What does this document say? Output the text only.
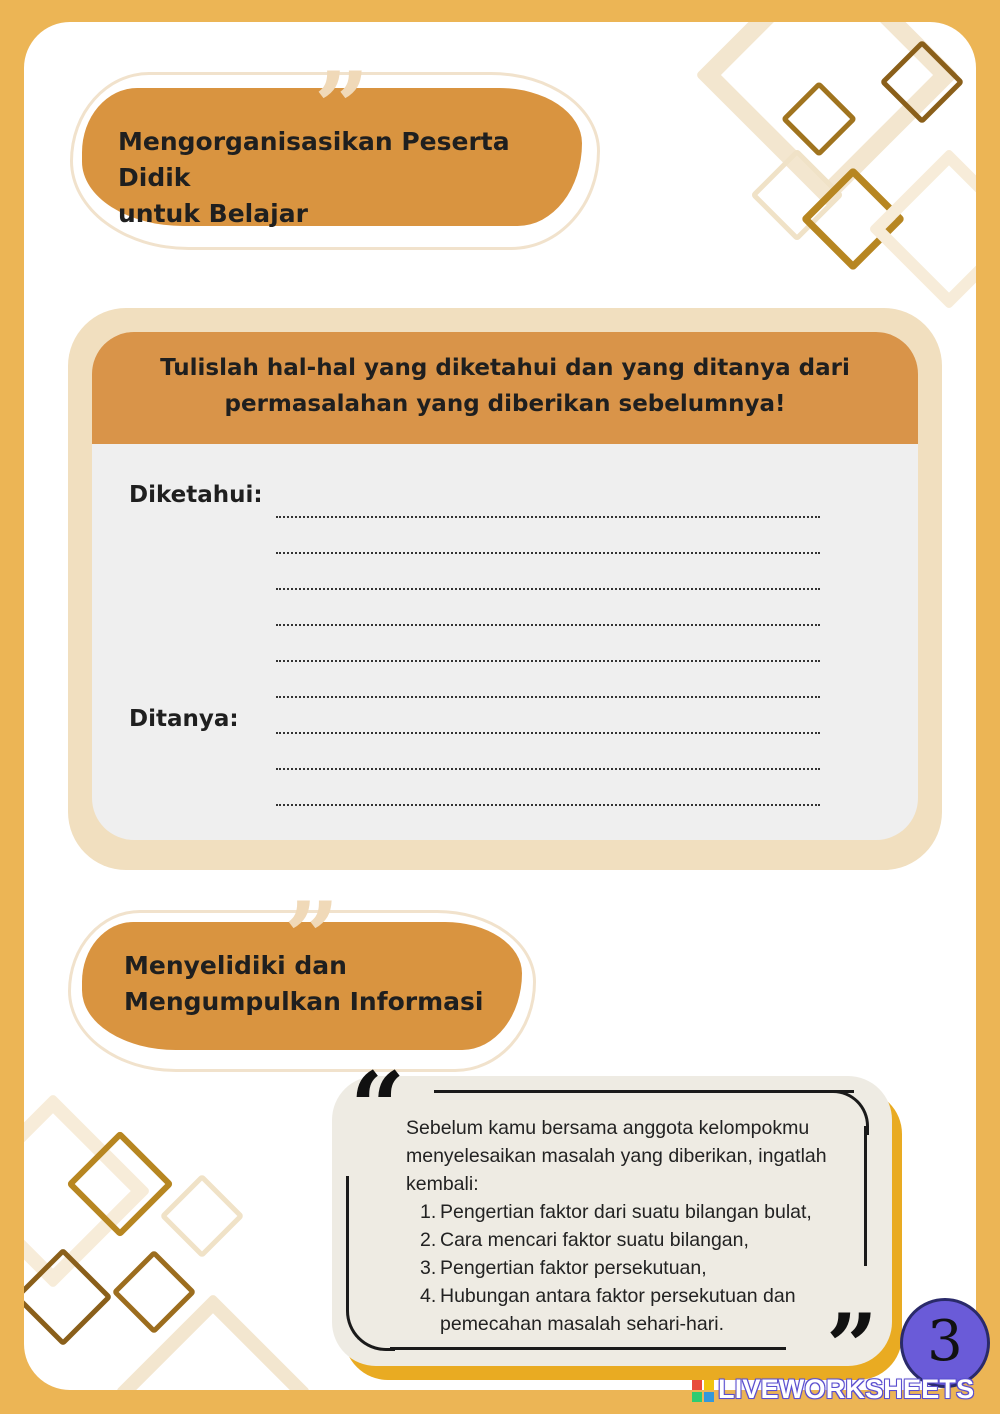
”
Mengorganisasikan Peserta Didik
untuk Belajar
Tulislah hal-hal yang diketahui dan yang ditanya dari
permasalahan yang diberikan sebelumnya!
Diketahui:
Ditanya:
”
Menyelidiki dan
Mengumpulkan Informasi
“
”
Sebelum kamu bersama anggota kelompokmu menyelesaikan masalah yang diberikan, ingatlah kembali:
1. Pengertian faktor dari suatu bilangan bulat,
2. Cara mencari faktor suatu bilangan,
3. Pengertian faktor persekutuan,
4. Hubungan antara faktor persekutuan dan pemecahan masalah sehari-hari.	3
LIVEWORKSHEETS
